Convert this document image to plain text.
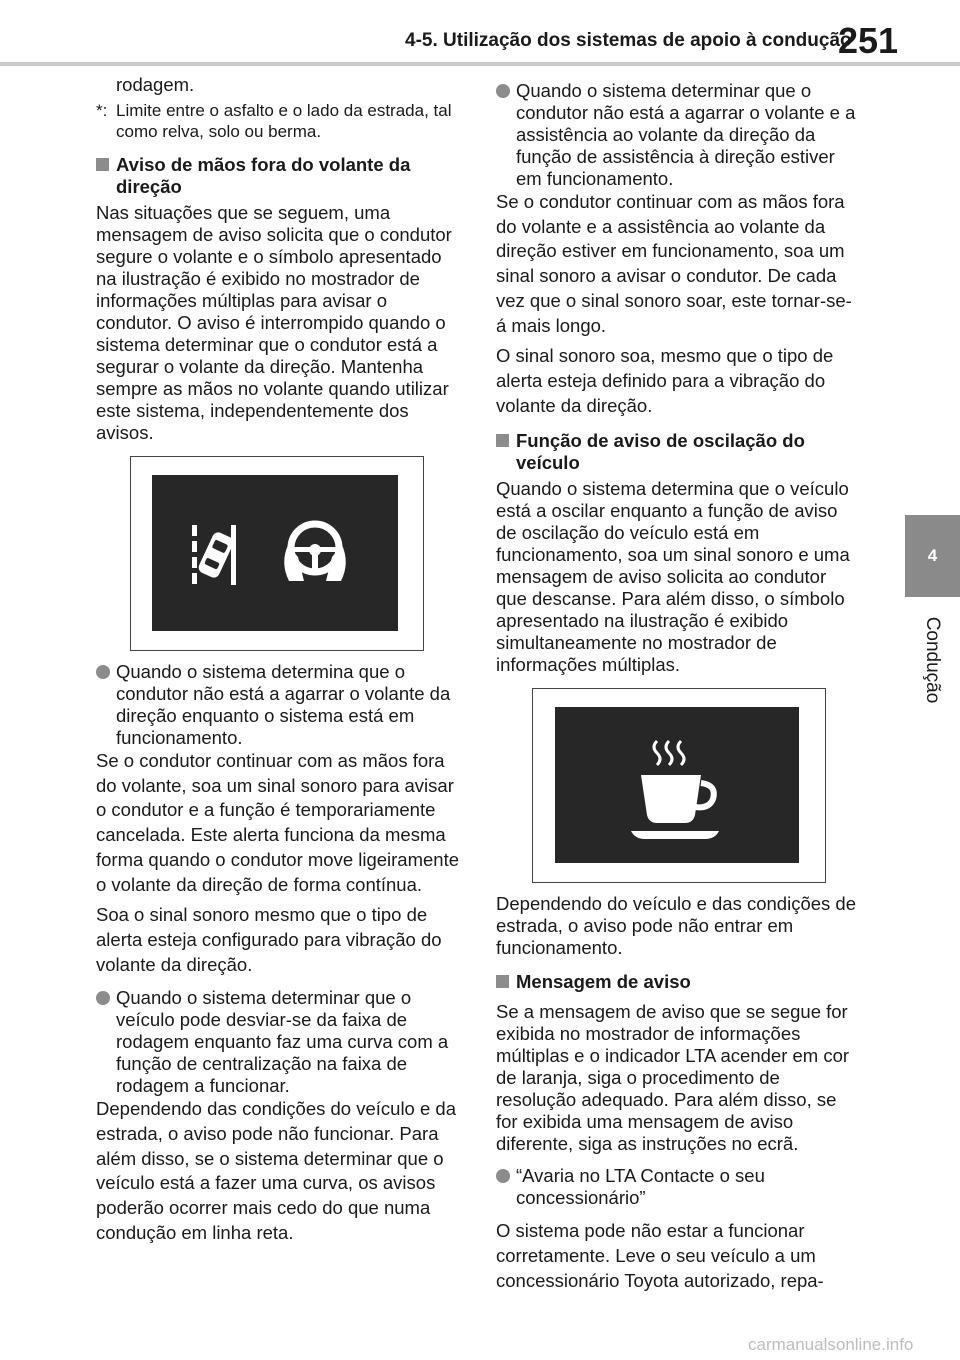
4-5. Utilização dos sistemas de apoio à condução
251
4
Condução

rodagem.

*: Limite entre o asfalto e o lado da estrada, tal como relva, solo ou berma.
Aviso de mãos fora do volante da direção

Nas situações que se seguem, uma mensagem de aviso solicita que o condutor segure o volante e o símbolo apresentado na ilustração é exibido no mostrador de informações múltiplas para avisar o condutor. O aviso é interrompido quando o sistema determinar que o condutor está a segurar o volante da direção. Mantenha sempre as mãos no volante quando utilizar este sistema, independentemente dos avisos.

Quando o sistema determina que o condutor não está a agarrar o volante da direção enquanto o sistema está em funcionamento.

Se o condutor continuar com as mãos fora do volante, soa um sinal sonoro para avisar o condutor e a função é temporariamente cancelada. Este alerta funciona da mesma forma quando o condutor move ligeiramente o volante da direção de forma contínua.

Soa o sinal sonoro mesmo que o tipo de alerta esteja configurado para vibração do volante da direção.

Quando o sistema determinar que o veículo pode desviar-se da faixa de rodagem enquanto faz uma curva com a função de centralização na faixa de rodagem a funcionar.

Dependendo das condições do veículo e da estrada, o aviso pode não funcionar. Para além disso, se o sistema determinar que o veículo está a fazer uma curva, os avisos poderão ocorrer mais cedo do que numa condução em linha reta.

Quando o sistema determinar que o condutor não está a agarrar o volante e a assistência ao volante da direção da função de assistência à direção estiver em funcionamento.

Se o condutor continuar com as mãos fora do volante e a assistência ao volante da direção estiver em funcionamento, soa um sinal sonoro a avisar o condutor. De cada vez que o sinal sonoro soar, este tornar-se-á mais longo.

O sinal sonoro soa, mesmo que o tipo de alerta esteja definido para a vibração do volante da direção.

Função de aviso de oscilação do veículo

Quando o sistema determina que o veículo está a oscilar enquanto a função de aviso de oscilação do veículo está em funcionamento, soa um sinal sonoro e uma mensagem de aviso solicita ao condutor que descanse. Para além disso, o símbolo apresentado na ilustração é exibido simultaneamente no mostrador de informações múltiplas.

Dependendo do veículo e das condições de estrada, o aviso pode não entrar em funcionamento.

Mensagem de aviso

Se a mensagem de aviso que se segue for exibida no mostrador de informações múltiplas e o indicador LTA acender em cor de laranja, siga o procedimento de resolução adequado. Para além disso, se for exibida uma mensagem de aviso diferente, siga as instruções no ecrã.

“Avaria no LTA Contacte o seu concessionário”

O sistema pode não estar a funcionar corretamente. Leve o seu veículo a um concessionário Toyota autorizado, repa-

carmanualsonline.info
